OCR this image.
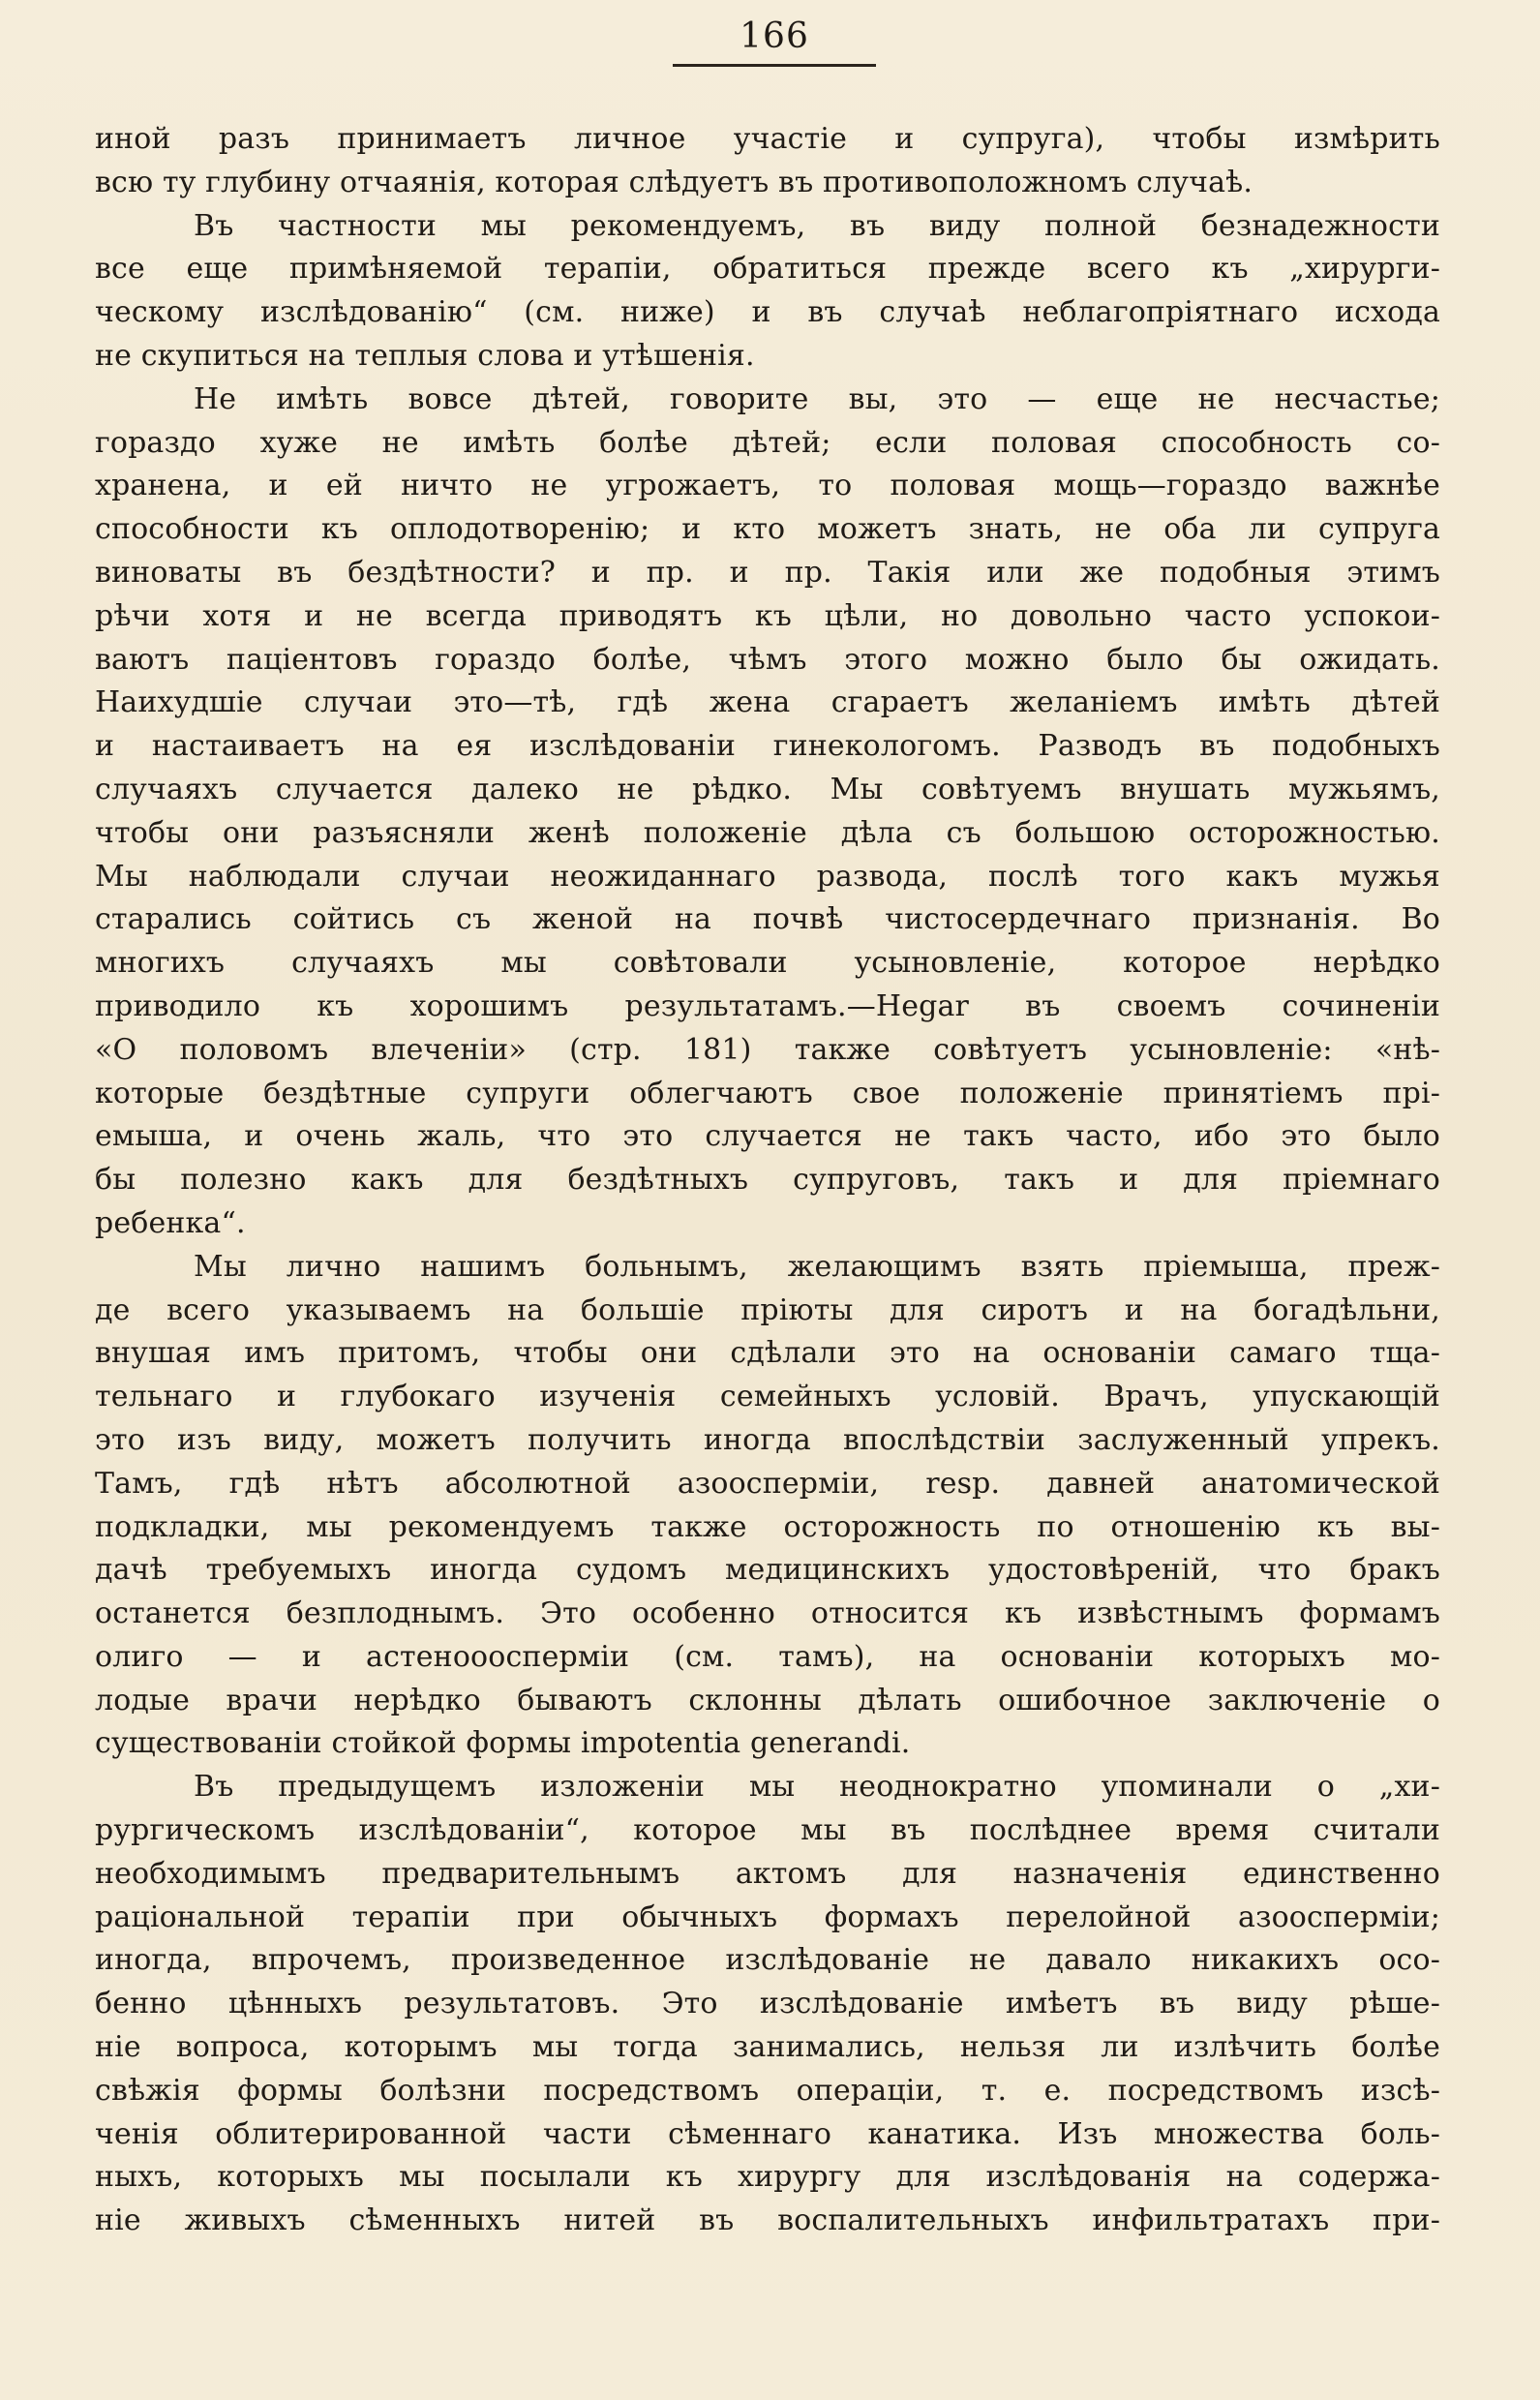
166
иной разъ принимаетъ личное участіе и супруга), чтобы измѣрить
всю ту глубину отчаянія, которая слѣдуетъ въ противоположномъ случаѣ.
Въ частности мы рекомендуемъ, въ виду полной безнадежности
все еще примѣняемой терапіи, обратиться прежде всего къ „хирурги-
ческому изслѣдованію“ (см. ниже) и въ случаѣ неблагопріятнаго исхода
не скупиться на теплыя слова и утѣшенія.
Не имѣть вовсе дѣтей, говорите вы, это — еще не несчастье;
гораздо хуже не имѣть болѣе дѣтей; если половая способность со-
хранена, и ей ничто не угрожаетъ, то половая мощь—гораздо важнѣе
способности къ оплодотворенію; и кто можетъ знать, не оба ли супруга
виноваты въ бездѣтности? и пр. и пр. Такія или же подобныя этимъ
рѣчи хотя и не всегда приводятъ къ цѣли, но довольно часто успокои-
ваютъ паціентовъ гораздо болѣе, чѣмъ этого можно было бы ожидать.
Наихудшіе случаи это—тѣ, гдѣ жена сгараетъ желаніемъ имѣть дѣтей
и настаиваетъ на ея изслѣдованіи гинекологомъ. Разводъ въ подобныхъ
случаяхъ случается далеко не рѣдко. Мы совѣтуемъ внушать мужьямъ,
чтобы они разъясняли женѣ положеніе дѣла съ большою осторожностью.
Мы наблюдали случаи неожиданнаго развода, послѣ того какъ мужья
старались сойтись съ женой на почвѣ чистосердечнаго признанія. Во
многихъ случаяхъ мы совѣтовали усыновленіе, которое нерѣдко
приводило къ хорошимъ результатамъ.—Hegar въ своемъ сочиненіи
«О половомъ влеченіи» (стр. 181) также совѣтуетъ усыновленіе: «нѣ-
которые бездѣтные супруги облегчаютъ свое положеніе принятіемъ прі-
емыша, и очень жаль, что это случается не такъ часто, ибо это было
бы полезно какъ для бездѣтныхъ супруговъ, такъ и для пріемнаго
ребенка“.
Мы лично нашимъ больнымъ, желающимъ взять пріемыша, преж-
де всего указываемъ на большіе пріюты для сиротъ и на богадѣльни,
внушая имъ притомъ, чтобы они сдѣлали это на основаніи самаго тща-
тельнаго и глубокаго изученія семейныхъ условій. Врачъ, упускающій
это изъ виду, можетъ получить иногда впослѣдствіи заслуженный упрекъ.
Тамъ, гдѣ нѣтъ абсолютной азооспермiи, resp. давней анатомической
подкладки, мы рекомендуемъ также осторожность по отношенію къ вы-
дачѣ требуемыхъ иногда судомъ медицинскихъ удостовѣреній, что бракъ
останется безплоднымъ. Это особенно относится къ извѣстнымъ формамъ
олиго — и астеноооспермiи (см. тамъ), на основаніи которыхъ мо-
лодые врачи нерѣдко бываютъ склонны дѣлать ошибочное заключеніе о
существованіи стойкой формы impotentia generandi.
Въ предыдущемъ изложеніи мы неоднократно упоминали о „хи-
рургическомъ изслѣдованіи“, которое мы въ послѣднее время считали
необходимымъ предварительнымъ актомъ для назначенія единственно
раціональной терапіи при обычныхъ формахъ перелойной азооспермiи;
иногда, впрочемъ, произведенное изслѣдованіе не давало никакихъ осо-
бенно цѣнныхъ результатовъ. Это изслѣдованіе имѣетъ въ виду рѣше-
ніе вопроса, которымъ мы тогда занимались, нельзя ли излѣчить болѣе
свѣжія формы болѣзни посредствомъ операціи, т. е. посредствомъ изсѣ-
ченія облитерированной части сѣменнаго канатика. Изъ множества боль-
ныхъ, которыхъ мы посылали къ хирургу для изслѣдованія на содержа-
ніе живыхъ сѣменныхъ нитей въ воспалительныхъ инфильтратахъ при-
